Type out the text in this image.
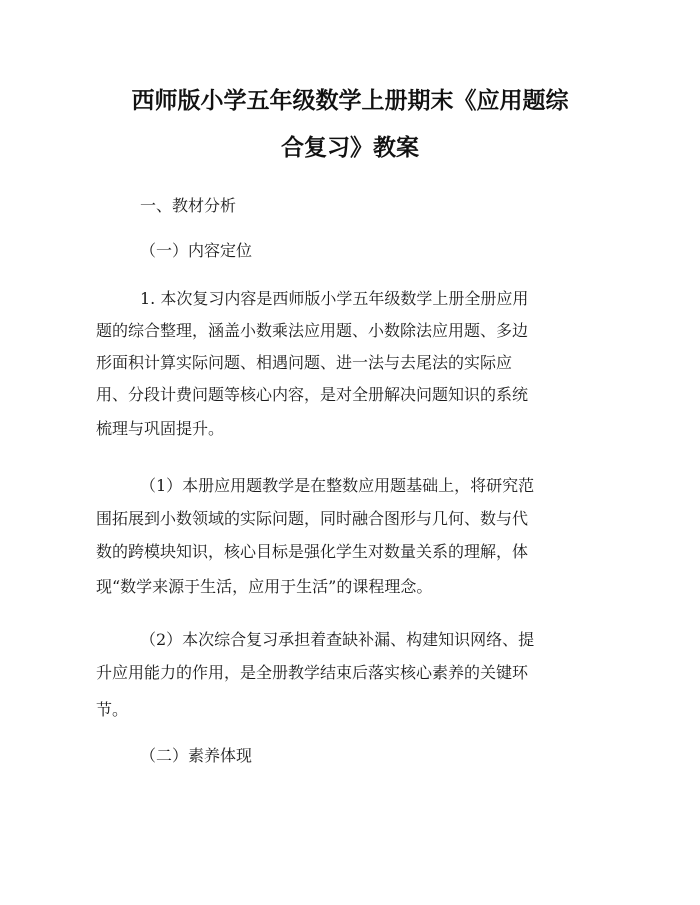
西师版小学五年级数学上册期末《应用题综
合复习》教案
一、教材分析
（一）内容定位
1. 本次复习内容是西师版小学五年级数学上册全册应用
题的综合整理，涵盖小数乘法应用题、小数除法应用题、多边
形面积计算实际问题、相遇问题、进一法与去尾法的实际应
用、分段计费问题等核心内容，是对全册解决问题知识的系统
梳理与巩固提升。
（1）本册应用题教学是在整数应用题基础上，将研究范
围拓展到小数领域的实际问题，同时融合图形与几何、数与代
数的跨模块知识，核心目标是强化学生对数量关系的理解，体
现“数学来源于生活，应用于生活”的课程理念。
（2）本次综合复习承担着查缺补漏、构建知识网络、提
升应用能力的作用，是全册教学结束后落实核心素养的关键环
节。
（二）素养体现
